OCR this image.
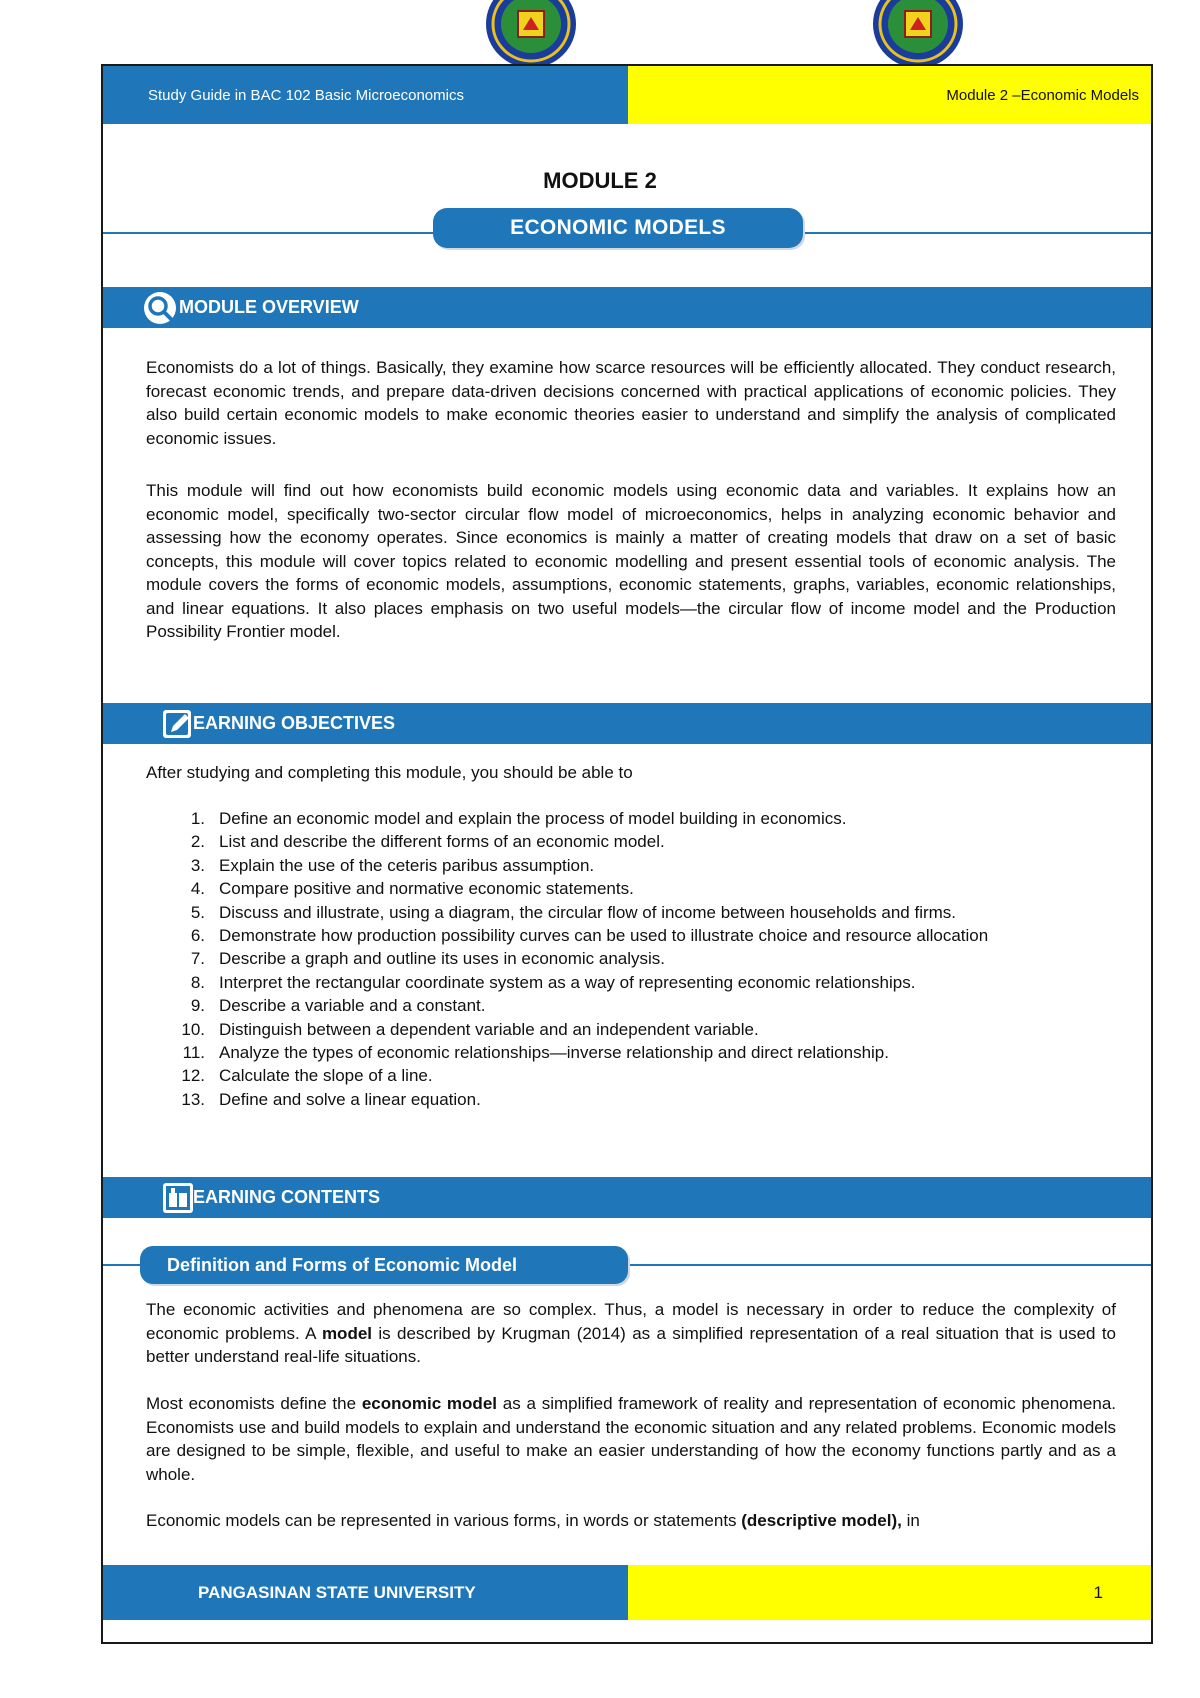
Study Guide in BAC 102 Basic Microeconomics	Module 2 –Economic Models
MODULE 2
ECONOMIC MODELS
MODULE OVERVIEW

Economists do a lot of things. Basically, they examine how scarce resources will be efficiently allocated. They conduct research, forecast economic trends, and prepare data-driven decisions concerned with practical applications of economic policies. They also build certain economic models to make economic theories easier to understand and simplify the analysis of complicated economic issues.

This module will find out how economists build economic models using economic data and variables. It explains how an economic model, specifically two-sector circular flow model of microeconomics, helps in analyzing economic behavior and assessing how the economy operates. Since economics is mainly a matter of creating models that draw on a set of basic concepts, this module will cover topics related to economic modelling and present essential tools of economic analysis. The module covers the forms of economic models, assumptions, economic statements, graphs, variables, economic relationships, and linear equations. It also places emphasis on two useful models—the circular flow of income model and the Production Possibility Frontier model.

EARNING OBJECTIVES

After studying and completing this module, you should be able to

1. Define an economic model and explain the process of model building in economics.
2. List and describe the different forms of an economic model.
3. Explain the use of the ceteris paribus assumption.
4. Compare positive and normative economic statements.
5. Discuss and illustrate, using a diagram, the circular flow of income between households and firms.
6. Demonstrate how production possibility curves can be used to illustrate choice and resource allocation
7. Describe a graph and outline its uses in economic analysis.
8. Interpret the rectangular coordinate system as a way of representing economic relationships.
9. Describe a variable and a constant.
10. Distinguish between a dependent variable and an independent variable.
11. Analyze the types of economic relationships—inverse relationship and direct relationship.
12. Calculate the slope of a line.
13. Define and solve a linear equation.
EARNING CONTENTS
Definition and Forms of Economic Model

The economic activities and phenomena are so complex. Thus, a model is necessary in order to reduce the complexity of economic problems. A model is described by Krugman (2014) as a simplified representation of a real situation that is used to better understand real-life situations.

Most economists define the economic model as a simplified framework of reality and representation of economic phenomena. Economists use and build models to explain and understand the economic situation and any related problems. Economic models are designed to be simple, flexible, and useful to make an easier understanding of how the economy functions partly and as a whole.

Economic models can be represented in various forms, in words or statements (descriptive model), in

PANGASINAN STATE UNIVERSITY	1
